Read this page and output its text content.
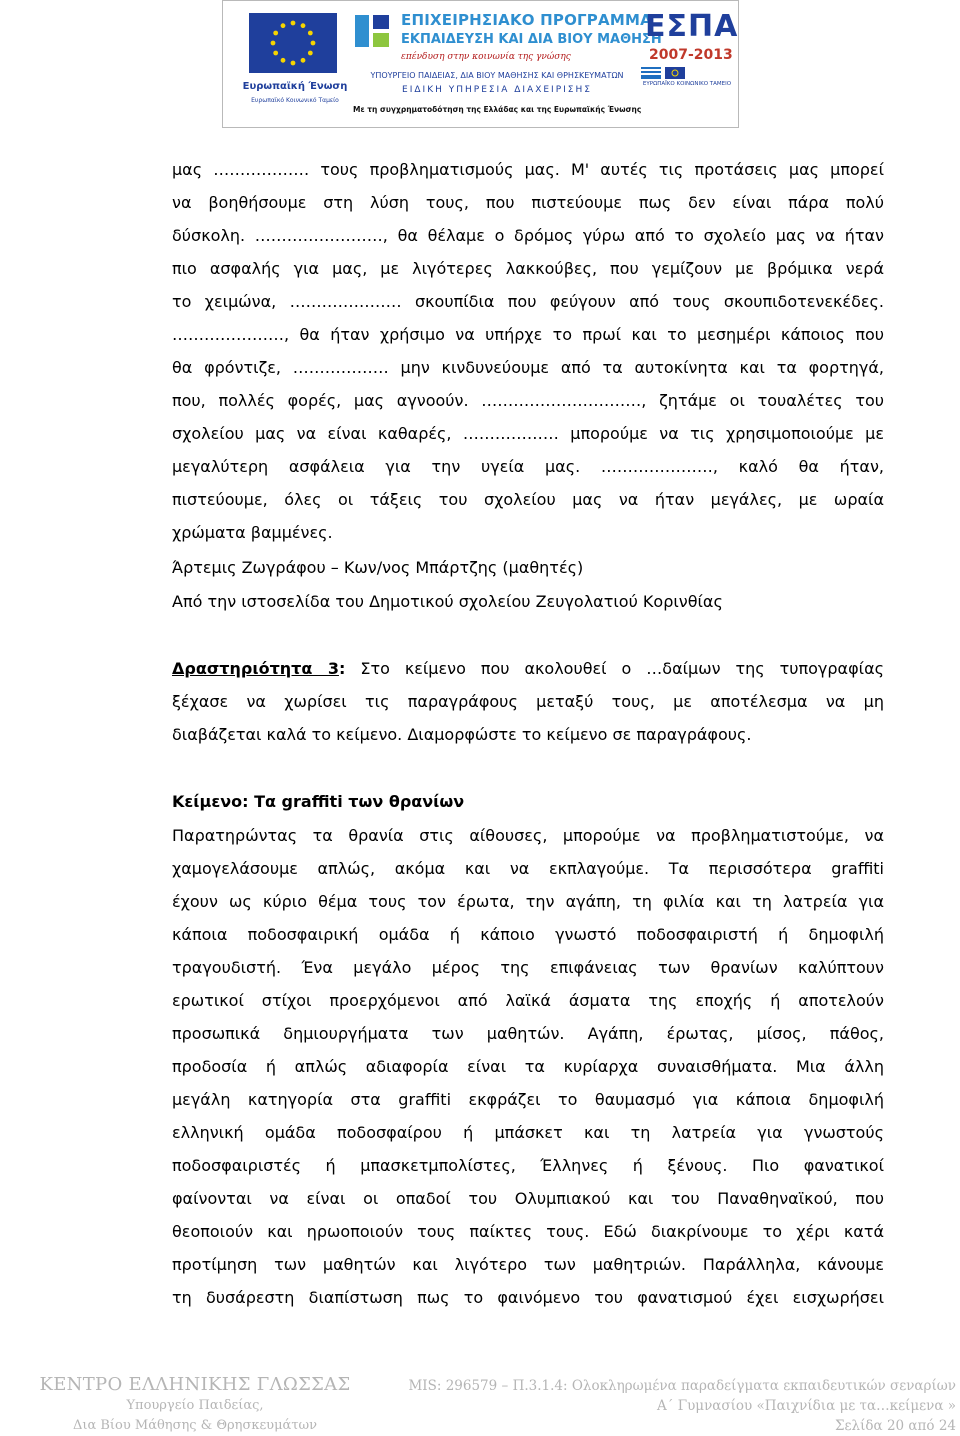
Ευρωπαϊκή Ένωση
Ευρωπαϊκό Κοινωνικό Ταμείο
ΕΠΙΧΕΙΡΗΣΙΑΚΟ ΠΡΟΓΡΑΜΜΑ
ΕΚΠΑΙΔΕΥΣΗ ΚΑΙ ΔΙΑ ΒΙΟΥ ΜΑΘΗΣΗ
επένδυση στην κοινωνία της γνώσης
ΥΠΟΥΡΓΕΙΟ ΠΑΙΔΕΙΑΣ, ΔΙΑ ΒΙΟΥ ΜΑΘΗΣΗΣ ΚΑΙ ΘΡΗΣΚΕΥΜΑΤΩΝ
ΕΙΔΙΚΗ ΥΠΗΡΕΣΙΑ ΔΙΑΧΕΙΡΙΣΗΣ
Με τη συγχρηματοδότηση της Ελλάδας και της Ευρωπαϊκής Ένωσης
ΕΣΠΑ
2007-2013
ΕΥΡΩΠΑΪΚΟ ΚΟΙΝΩΝΙΚΟ ΤΑΜΕΙΟ
μας ……………… τους προβληματισμούς μας. Μ' αυτές τις προτάσεις μας μπορεί
να βοηθήσουμε στη λύση τους, που πιστεύουμε πως δεν είναι πάρα πολύ
δύσκολη. ……………………, θα θέλαμε ο δρόμος γύρω από το σχολείο μας να ήταν
πιο ασφαλής για μας, με λιγότερες λακκούβες, που γεμίζουν με βρόμικα νερά
το χειμώνα, ………………… σκουπίδια που φεύγουν από τους σκουπιδοτενεκέδες.
…………………, θα ήταν χρήσιμο να υπήρχε το πρωί και το μεσημέρι κάποιος που
θα φρόντιζε, ……………… μην κινδυνεύουμε από τα αυτοκίνητα και τα φορτηγά,
που, πολλές φορές, μας αγνοούν. …………………………, ζητάμε οι τουαλέτες του
σχολείου μας να είναι καθαρές, ……………… μπορούμε να τις χρησιμοποιούμε με
μεγαλύτερη ασφάλεια για την υγεία μας. …………………, καλό θα ήταν,
πιστεύουμε, όλες οι τάξεις του σχολείου μας να ήταν μεγάλες, με ωραία
χρώματα βαμμένες.
Άρτεμις Ζωγράφου – Κων/νος Μπάρτζης (μαθητές)
Από την ιστοσελίδα του Δημοτικού σχολείου Ζευγολατιού Κορινθίας
Δραστηριότητα 3: Στο κείμενο που ακολουθεί ο …δαίμων της τυπογραφίας
ξέχασε να χωρίσει τις παραγράφους μεταξύ τους, με αποτέλεσμα να μη
διαβάζεται καλά το κείμενο. Διαμορφώστε το κείμενο σε παραγράφους.
Κείμενο: Τα graffiti των θρανίων
Παρατηρώντας τα θρανία στις αίθουσες, μπορούμε να προβληματιστούμε, να
χαμογελάσουμε απλώς, ακόμα και να εκπλαγούμε. Τα περισσότερα graffiti
έχουν ως κύριο θέμα τους τον έρωτα, την αγάπη, τη φιλία και τη λατρεία για
κάποια ποδοσφαιρική ομάδα ή κάποιο γνωστό ποδοσφαιριστή ή δημοφιλή
τραγουδιστή. Ένα μεγάλο μέρος της επιφάνειας των θρανίων καλύπτουν
ερωτικοί στίχοι προερχόμενοι από λαϊκά άσματα της εποχής ή αποτελούν
προσωπικά δημιουργήματα των μαθητών. Αγάπη, έρωτας, μίσος, πάθος,
προδοσία ή απλώς αδιαφορία είναι τα κυρίαρχα συναισθήματα. Μια άλλη
μεγάλη κατηγορία στα graffiti εκφράζει το θαυμασμό για κάποια δημοφιλή
ελληνική ομάδα ποδοσφαίρου ή μπάσκετ και τη λατρεία για γνωστούς
ποδοσφαιριστές ή μπασκετμπολίστες, Έλληνες ή ξένους. Πιο φανατικοί
φαίνονται να είναι οι οπαδοί του Ολυμπιακού και του Παναθηναϊκού, που
θεοποιούν και ηρωοποιούν τους παίκτες τους. Εδώ διακρίνουμε το χέρι κατά
προτίμηση των μαθητών και λιγότερο των μαθητριών. Παράλληλα, κάνουμε
τη δυσάρεστη διαπίστωση πως το φαινόμενο του φανατισμού έχει εισχωρήσει
ΚΕΝΤΡΟ ΕΛΛΗΝΙΚΗΣ ΓΛΩΣΣΑΣ
Υπουργείο Παιδείας,
Δια Βίου Μάθησης & Θρησκευμάτων
MIS: 296579 – Π.3.1.4: Ολοκληρωμένα παραδείγματα εκπαιδευτικών σεναρίων
Α΄ Γυμνασίου «Παιχνίδια με τα…κείμενα »
Σελίδα 20 από 24
